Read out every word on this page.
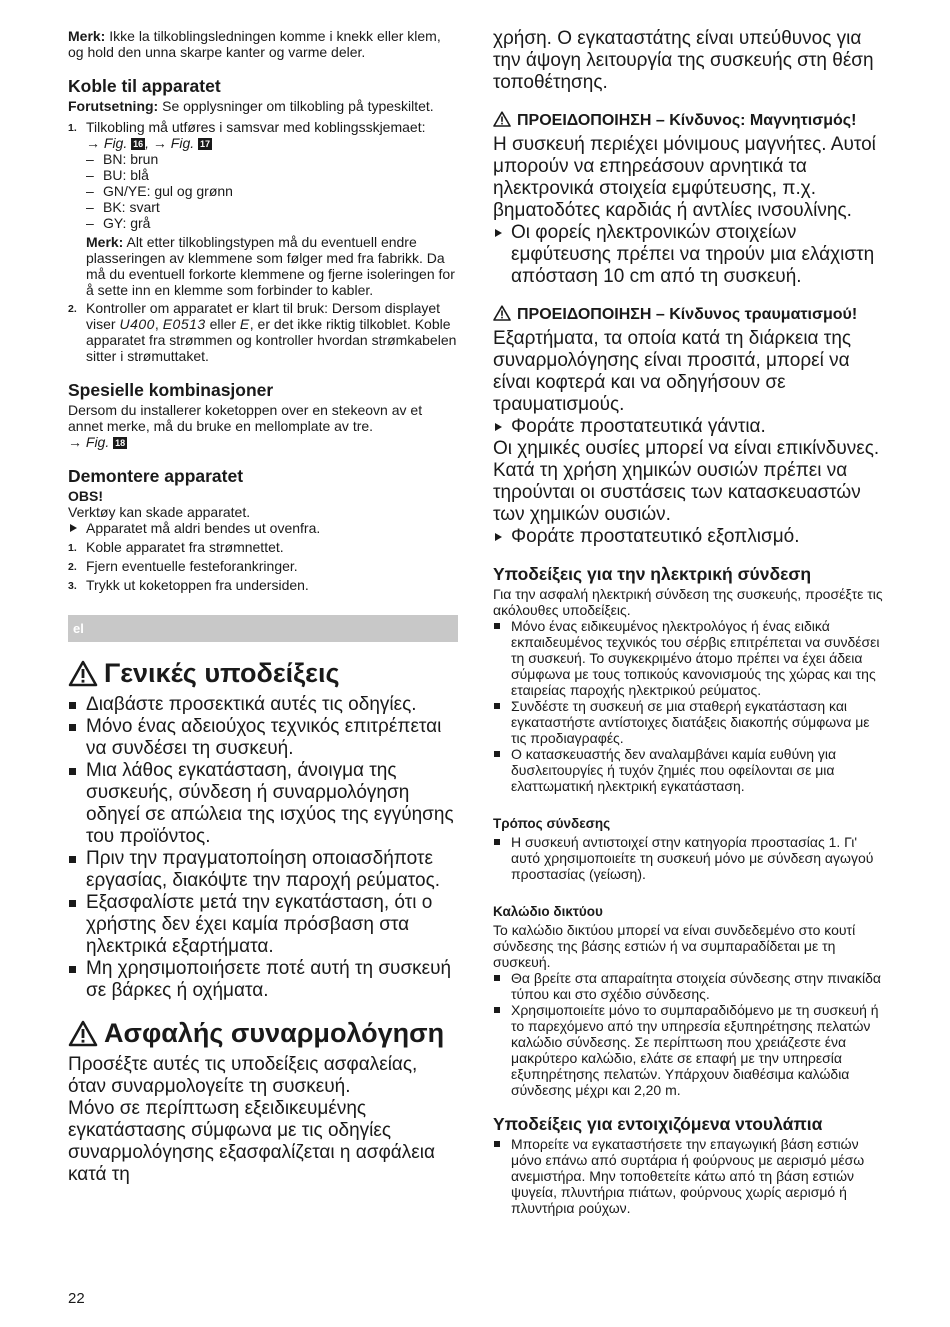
Merk: Ikke la tilkoblingsledningen komme i knekk eller klem, og hold den unna skarpe kanter og varme deler.

Koble til apparatet

Forutsetning: Se opplysninger om tilkobling på typeskiltet.

1. Tilkobling må utføres i samsvar med koblingsskjemaet:
→ Fig. 16 , → Fig. 17
– BN: brun
– BU: blå
– GN/YE: gul og grønn
– BK: svart
– GY: grå

Merk: Alt etter tilkoblingstypen må du eventuell endre plasseringen av klemmene som følger med fra fabrikk. Da må du eventuell forkorte klemmene og fjerne isoleringen for å sette inn en klemme som forbinder to kabler.

2. Kontroller om apparatet er klart til bruk: Dersom displayet viser U400, E0513 eller E, er det ikke riktig tilkoblet. Koble apparatet fra strømmen og kontroller hvordan strømkabelen sitter i strømuttaket.
Spesielle kombinasjoner

Dersom du installerer koketoppen over en stekeovn av et annet merke, må du bruke en mellomplate av tre.

→ Fig. 18

Demontere apparatet

OBS!

Verktøy kan skade apparatet.

Apparatet må aldri bendes ut ovenfra.

1. Koble apparatet fra strømnettet.
2. Fjern eventuelle festeforankringer.
3. Trykk ut koketoppen fra undersiden.
el
Γενικές υποδείξεις
Διαβάστε προσεκτικά αυτές τις οδηγίες.
Μόνο ένας αδειούχος τεχνικός επιτρέπεται να συνδέσει τη συσκευή.
Μια λάθος εγκατάσταση, άνοιγμα της συσκευής, σύνδεση ή συναρμολόγηση οδηγεί σε απώλεια της ισχύος της εγγύησης του προϊόντος.
Πριν την πραγματοποίηση οποιασδήποτε εργασίας, διακόψτε την παροχή ρεύματος.
Εξασφαλίστε μετά την εγκατάσταση, ότι ο χρήστης δεν έχει καμία πρόσβαση στα ηλεκτρικά εξαρτήματα.
Μη χρησιμοποιήσετε ποτέ αυτή τη συσκευή σε βάρκες ή οχήματα.
Ασφαλής συναρμολόγηση

Προσέξτε αυτές τις υποδείξεις ασφαλείας, όταν συναρμολογείτε τη συσκευή.

Μόνο σε περίπτωση εξειδικευμένης εγκατάστασης σύμφωνα με τις οδηγίες συναρμολόγησης εξασφαλίζεται η ασφάλεια κατά τη

22

χρήση. Ο εγκαταστάτης είναι υπεύθυνος για την άψογη λειτουργία της συσκευής στη θέση τοποθέτησης.

ΠΡΟΕΙΔΟΠΟΙΗΣΗ – Κίνδυνος: Μαγνητισμός!

Η συσκευή περιέχει μόνιμους μαγνήτες. Αυτοί μπορούν να επηρεάσουν αρνητικά τα ηλεκτρονικά στοιχεία εμφύτευσης, π.χ. βηματοδότες καρδιάς ή αντλίες ινσουλίνης.

Οι φορείς ηλεκτρονικών στοιχείων εμφύτευσης πρέπει να τηρούν μια ελάχιστη απόσταση 10 cm από τη συσκευή.

ΠΡΟΕΙΔΟΠΟΙΗΣΗ – Κίνδυνος τραυματισμού!

Εξαρτήματα, τα οποία κατά τη διάρκεια της συναρμολόγησης είναι προσιτά, μπορεί να είναι κοφτερά και να οδηγήσουν σε τραυματισμούς.

Φοράτε προστατευτικά γάντια.

Οι χημικές ουσίες μπορεί να είναι επικίνδυνες. Κατά τη χρήση χημικών ουσιών πρέπει να τηρούνται οι συστάσεις των κατασκευαστών των χημικών ουσιών.

Φοράτε προστατευτικό εξοπλισμό.

Υποδείξεις για την ηλεκτρική σύνδεση

Για την ασφαλή ηλεκτρική σύνδεση της συσκευής, προσέξτε τις ακόλουθες υποδείξεις.

Μόνο ένας ειδικευμένος ηλεκτρολόγος ή ένας ειδικά εκπαιδευμένος τεχνικός του σέρβις επιτρέπεται να συνδέσει τη συσκευή. Το συγκεκριμένο άτομο πρέπει να έχει άδεια σύμφωνα με τους τοπικούς κανονισμούς της χώρας και της εταιρείας παροχής ηλεκτρικού ρεύματος.
Συνδέστε τη συσκευή σε μια σταθερή εγκατάσταση και εγκαταστήστε αντίστοιχες διατάξεις διακοπής σύμφωνα με τις προδιαγραφές.
Ο κατασκευαστής δεν αναλαμβάνει καμία ευθύνη για δυσλειτουργίες ή τυχόν ζημιές που οφείλονται σε μια ελαττωματική ηλεκτρική εγκατάσταση.
Τρόπος σύνδεσης
Η συσκευή αντιστοιχεί στην κατηγορία προστασίας 1. Γι' αυτό χρησιμοποιείτε τη συσκευή μόνο με σύνδεση αγωγού προστασίας (γείωση).
Καλώδιο δικτύου

Το καλώδιο δικτύου μπορεί να είναι συνδεδεμένο στο κουτί σύνδεσης της βάσης εστιών ή να συμπαραδίδεται με τη συσκευή.

Θα βρείτε στα απαραίτητα στοιχεία σύνδεσης στην πινακίδα τύπου και στο σχέδιο σύνδεσης.
Χρησιμοποιείτε μόνο το συμπαραδιδόμενο με τη συσκευή ή το παρεχόμενο από την υπηρεσία εξυπηρέτησης πελατών καλώδιο σύνδεσης. Σε περίπτωση που χρειάζεστε ένα μακρύτερο καλώδιο, ελάτε σε επαφή με την υπηρεσία εξυπηρέτησης πελατών. Υπάρχουν διαθέσιμα καλώδια σύνδεσης μέχρι και 2,20 m.
Υποδείξεις για εντοιχιζόμενα ντουλάπια
Μπορείτε να εγκαταστήσετε την επαγωγική βάση εστιών μόνο επάνω από συρτάρια ή φούρνους με αερισμό μέσω ανεμιστήρα. Μην τοποθετείτε κάτω από τη βάση εστιών ψυγεία, πλυντήρια πιάτων, φούρνους χωρίς αερισμό ή πλυντήρια ρούχων.
